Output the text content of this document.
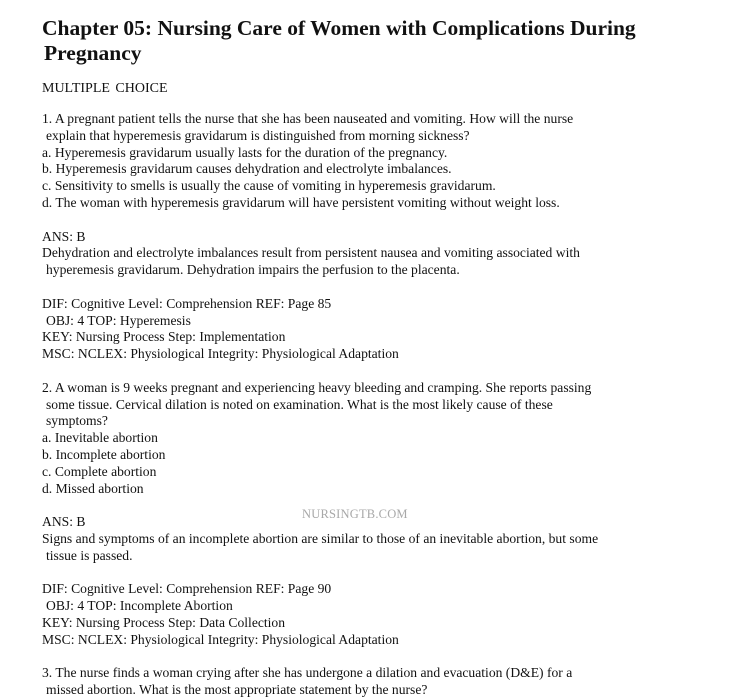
Chapter 05: Nursing Care of Women with Complications During
Pregnancy
MULTIPLE CHOICE
1. A pregnant patient tells the nurse that she has been nauseated and vomiting. How will the nurse
explain that hyperemesis gravidarum is distinguished from morning sickness?
a. Hyperemesis gravidarum usually lasts for the duration of the pregnancy.
b. Hyperemesis gravidarum causes dehydration and electrolyte imbalances.
c. Sensitivity to smells is usually the cause of vomiting in hyperemesis gravidarum.
d. The woman with hyperemesis gravidarum will have persistent vomiting without weight loss.
ANS: B
Dehydration and electrolyte imbalances result from persistent nausea and vomiting associated with
hyperemesis gravidarum. Dehydration impairs the perfusion to the placenta.
DIF: Cognitive Level: Comprehension REF: Page 85
OBJ: 4 TOP: Hyperemesis
KEY: Nursing Process Step: Implementation
MSC: NCLEX: Physiological Integrity: Physiological Adaptation
2. A woman is 9 weeks pregnant and experiencing heavy bleeding and cramping. She reports passing
some tissue. Cervical dilation is noted on examination. What is the most likely cause of these
symptoms?
a. Inevitable abortion
b. Incomplete abortion
c. Complete abortion
d. Missed abortion
ANS: B
Signs and symptoms of an incomplete abortion are similar to those of an inevitable abortion, but some
tissue is passed.
DIF: Cognitive Level: Comprehension REF: Page 90
OBJ: 4 TOP: Incomplete Abortion
KEY: Nursing Process Step: Data Collection
MSC: NCLEX: Physiological Integrity: Physiological Adaptation
3. The nurse finds a woman crying after she has undergone a dilation and evacuation (D&E) for a
missed abortion. What is the most appropriate statement by the nurse?
NURSINGTB.COM
